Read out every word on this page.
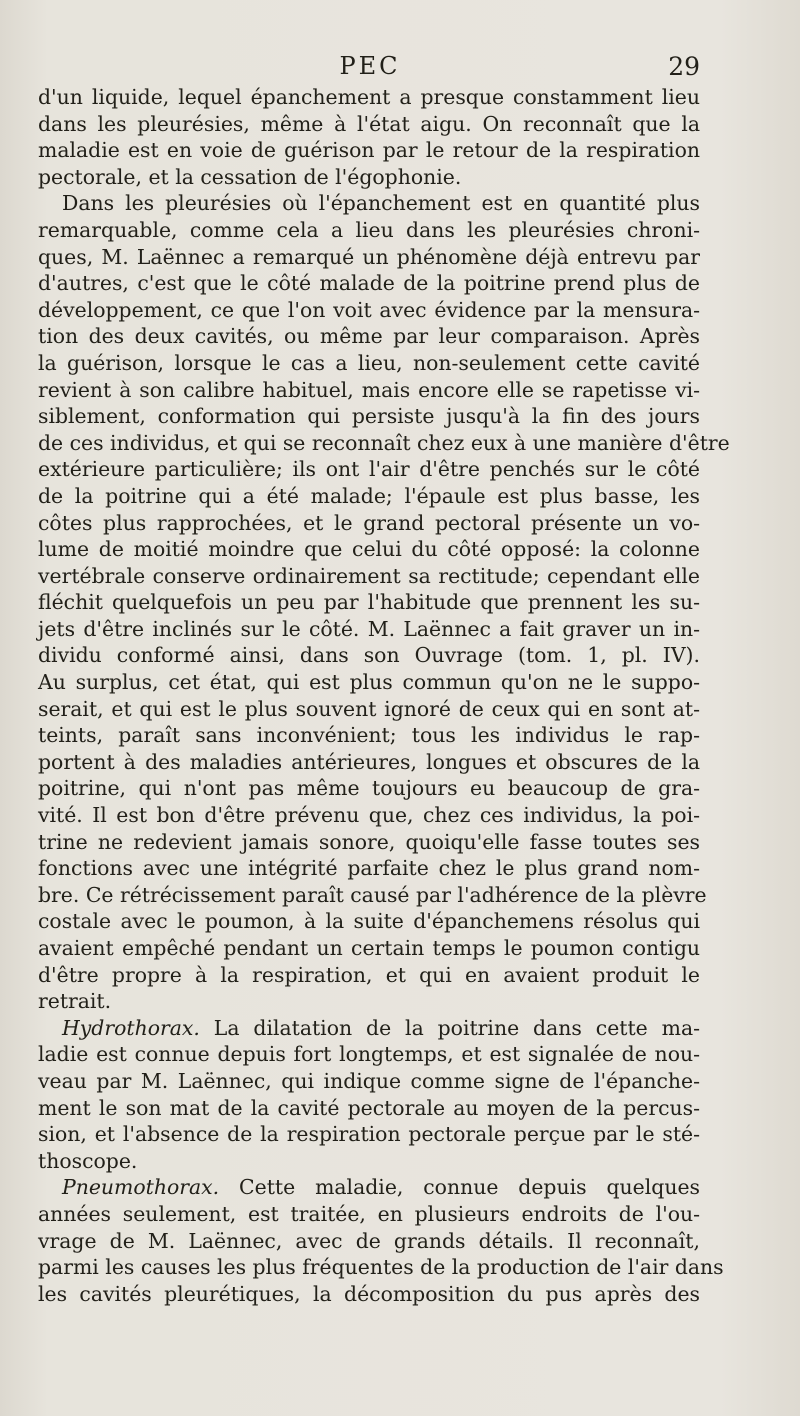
PEC	29
d'un liquide, lequel épanchement a presque constamment lieu
dans les pleurésies, même à l'état aigu. On reconnaît que la
maladie est en voie de guérison par le retour de la respiration
pectorale, et la cessation de l'égophonie.
Dans les pleurésies où l'épanchement est en quantité plus
remarquable, comme cela a lieu dans les pleurésies chroni-
ques, M. Laënnec a remarqué un phénomène déjà entrevu par
d'autres, c'est que le côté malade de la poitrine prend plus de
développement, ce que l'on voit avec évidence par la mensura-
tion des deux cavités, ou même par leur comparaison. Après
la guérison, lorsque le cas a lieu, non-seulement cette cavité
revient à son calibre habituel, mais encore elle se rapetisse vi-
siblement, conformation qui persiste jusqu'à la fin des jours
de ces individus, et qui se reconnaît chez eux à une manière d'être
extérieure particulière; ils ont l'air d'être penchés sur le côté
de la poitrine qui a été malade; l'épaule est plus basse, les
côtes plus rapprochées, et le grand pectoral présente un vo-
lume de moitié moindre que celui du côté opposé: la colonne
vertébrale conserve ordinairement sa rectitude; cependant elle
fléchit quelquefois un peu par l'habitude que prennent les su-
jets d'être inclinés sur le côté. M. Laënnec a fait graver un in-
dividu conformé ainsi, dans son Ouvrage (tom. 1, pl. IV).
Au surplus, cet état, qui est plus commun qu'on ne le suppo-
serait, et qui est le plus souvent ignoré de ceux qui en sont at-
teints, paraît sans inconvénient; tous les individus le rap-
portent à des maladies antérieures, longues et obscures de la
poitrine, qui n'ont pas même toujours eu beaucoup de gra-
vité. Il est bon d'être prévenu que, chez ces individus, la poi-
trine ne redevient jamais sonore, quoiqu'elle fasse toutes ses
fonctions avec une intégrité parfaite chez le plus grand nom-
bre. Ce rétrécissement paraît causé par l'adhérence de la plèvre
costale avec le poumon, à la suite d'épanchemens résolus qui
avaient empêché pendant un certain temps le poumon contigu
d'être propre à la respiration, et qui en avaient produit le
retrait.
Hydrothorax. La dilatation de la poitrine dans cette ma-
ladie est connue depuis fort longtemps, et est signalée de nou-
veau par M. Laënnec, qui indique comme signe de l'épanche-
ment le son mat de la cavité pectorale au moyen de la percus-
sion, et l'absence de la respiration pectorale perçue par le sté-
thoscope.
Pneumothorax. Cette maladie, connue depuis quelques
années seulement, est traitée, en plusieurs endroits de l'ou-
vrage de M. Laënnec, avec de grands détails. Il reconnaît,
parmi les causes les plus fréquentes de la production de l'air dans
les cavités pleurétiques, la décomposition du pus après des
